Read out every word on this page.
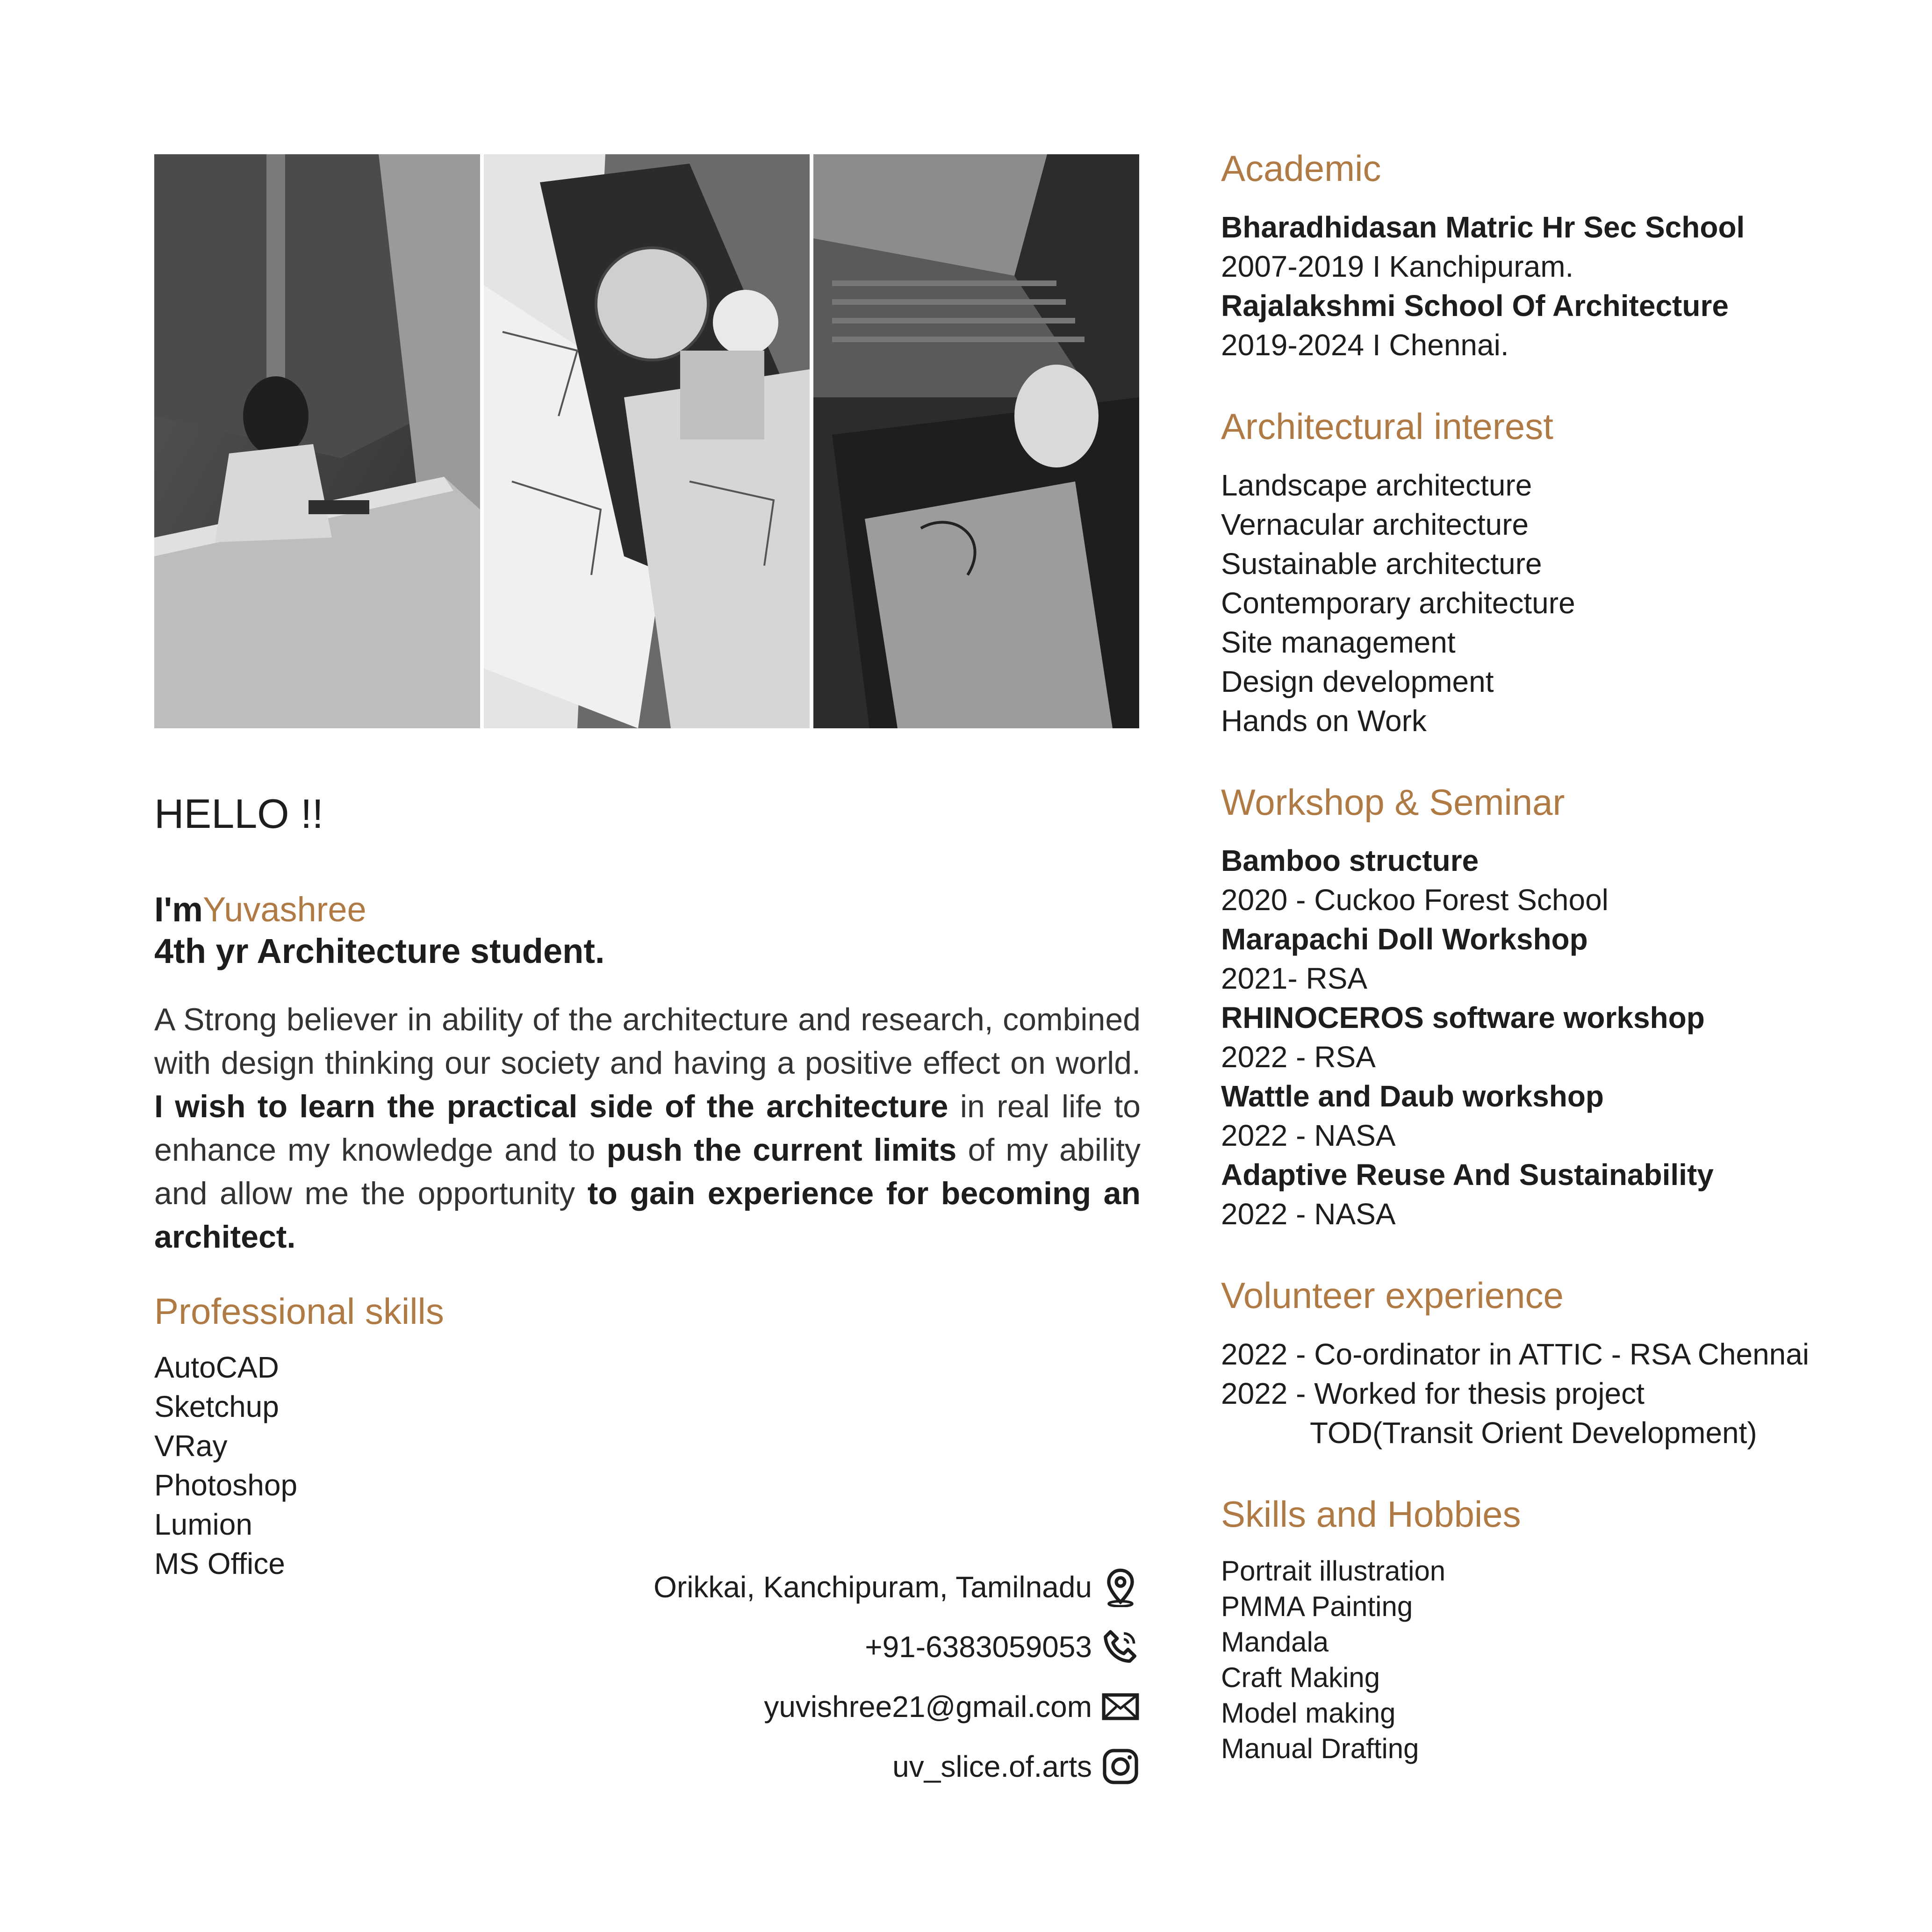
HELLO !!

I'mYuvashree

4th yr Architecture student.

A Strong believer in ability of the architecture and research, combined with design thinking our society and having a positive effect on world. I wish to learn the practical side of the architecture in real life to enhance my knowledge and to push the current limits of my ability and allow me the opportunity to gain experience for becoming an architect.

Professional skills

AutoCAD

Sketchup

VRay

Photoshop

Lumion

MS Office

Orikkai, Kanchipuram, Tamilnadu
+91-6383059053
yuvishree21@gmail.com
uv_slice.of.arts

Academic

Bharadhidasan Matric Hr Sec School

2007-2019 I Kanchipuram.

Rajalakshmi School Of Architecture

2019-2024 I Chennai.

Architectural interest

Landscape architecture

Vernacular architecture

Sustainable architecture

Contemporary architecture

Site management

Design development

Hands on Work

Workshop & Seminar

Bamboo structure

2020 - Cuckoo Forest School

Marapachi Doll Workshop

2021- RSA

RHINOCEROS software workshop

2022 - RSA

Wattle and Daub workshop

2022 - NASA

Adaptive Reuse And Sustainability

2022 - NASA

Volunteer experience

2022 - Co-ordinator in ATTIC - RSA Chennai

2022 - Worked for thesis project

TOD(Transit Orient Development)

Skills and Hobbies

Portrait illustration

PMMA Painting

Mandala

Craft Making

Model making

Manual Drafting
